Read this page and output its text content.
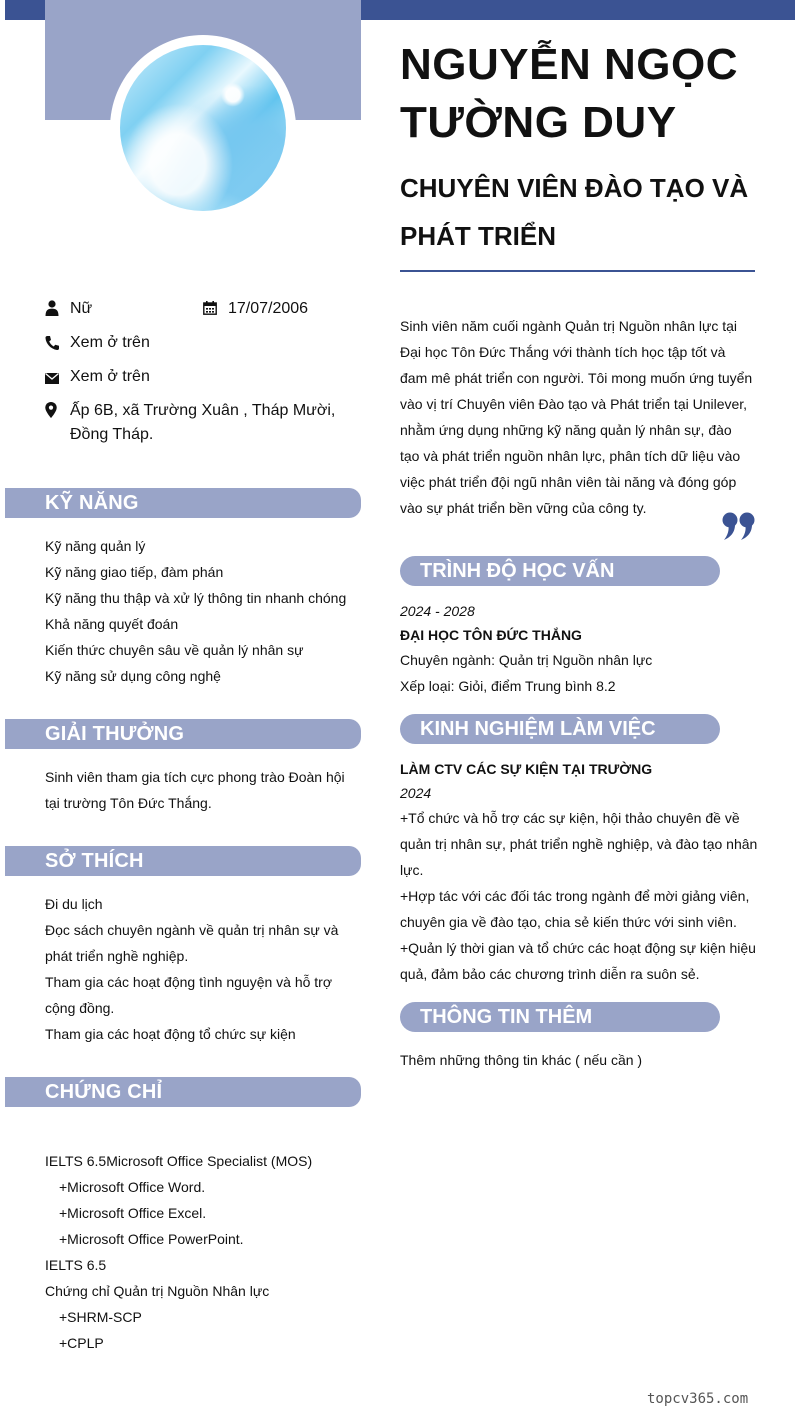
Nữ	17/07/2006
Xem ở trên
Xem ở trên
Ấp 6B, xã Trường Xuân , Tháp Mười, Đồng Tháp.
KỸ NĂNG
Kỹ năng quản lý
Kỹ năng giao tiếp, đàm phán
Kỹ năng thu thập và xử lý thông tin nhanh chóng
Khả năng quyết đoán
Kiến thức chuyên sâu về quản lý nhân sự
Kỹ năng sử dụng công nghệ
GIẢI THƯỞNG
Sinh viên tham gia tích cực phong trào Đoàn hội tại trường Tôn Đức Thắng.
SỞ THÍCH
Đi du lịch
Đọc sách chuyên ngành về quản trị nhân sự và phát triển nghề nghiệp.
Tham gia các hoạt động tình nguyện và hỗ trợ cộng đồng.
Tham gia các hoạt động tổ chức sự kiện
CHỨNG CHỈ
IELTS 6.5Microsoft Office Specialist (MOS)
+Microsoft Office Word.
+Microsoft Office Excel.
+Microsoft Office PowerPoint.
IELTS 6.5
Chứng chỉ Quản trị Nguồn Nhân lực
+SHRM-SCP
+CPLP
NGUYỄN NGỌC TƯỜNG DUY
CHUYÊN VIÊN ĐÀO TẠO VÀ PHÁT TRIỂN
Sinh viên năm cuối ngành Quản trị Nguồn nhân lực tại Đại học Tôn Đức Thắng với thành tích học tập tốt và đam mê phát triển con người. Tôi mong muốn ứng tuyển vào vị trí Chuyên viên Đào tạo và Phát triển tại Unilever, nhằm ứng dụng những kỹ năng quản lý nhân sự, đào tạo và phát triển nguồn nhân lực, phân tích dữ liệu vào việc phát triển đội ngũ nhân viên tài năng và đóng góp vào sự phát triển bền vững của công ty.
TRÌNH ĐỘ HỌC VẤN
2024 - 2028
ĐẠI HỌC TÔN ĐỨC THẮNG
Chuyên ngành: Quản trị Nguồn nhân lực
Xếp loại: Giỏi, điểm Trung bình 8.2
KINH NGHIỆM LÀM VIỆC
LÀM CTV CÁC SỰ KIỆN TẠI TRƯỜNG
2024
+Tổ chức và hỗ trợ các sự kiện, hội thảo chuyên đề về quản trị nhân sự, phát triển nghề nghiệp, và đào tạo nhân lực.
+Hợp tác với các đối tác trong ngành để mời giảng viên, chuyên gia về đào tạo, chia sẻ kiến thức với sinh viên.
+Quản lý thời gian và tổ chức các hoạt động sự kiện hiệu quả, đảm bảo các chương trình diễn ra suôn sẻ.
THÔNG TIN THÊM
Thêm những thông tin khác ( nếu cần )
topcv365.com
